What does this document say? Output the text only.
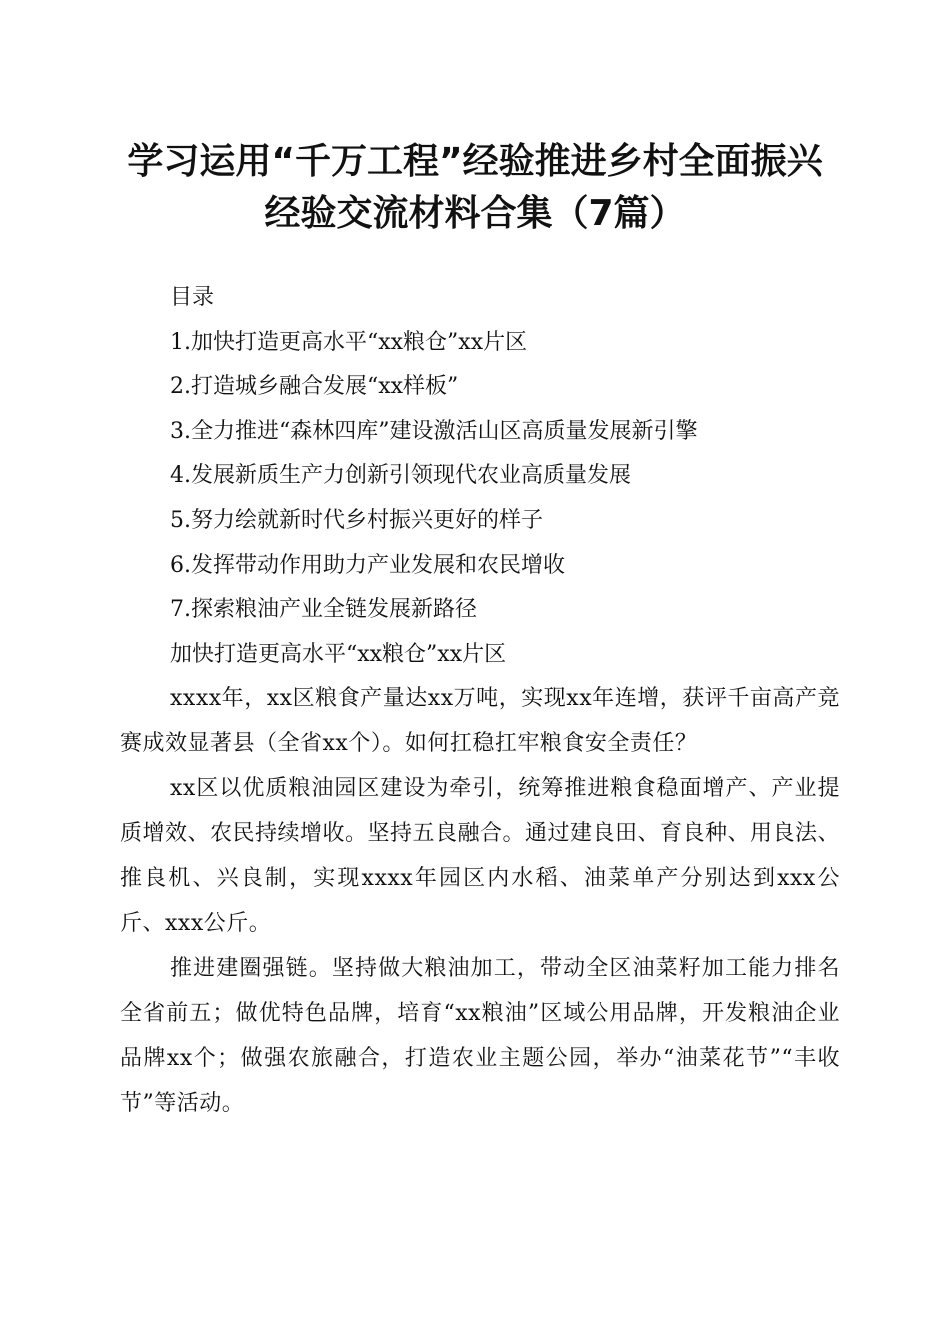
学习运用“千万工程”经验推进乡村全面振兴
经验交流材料合集（7篇）
目录
1.加快打造更高水平“xx粮仓”xx片区
2.打造城乡融合发展“xx样板”
3.全力推进“森林四库”建设激活山区高质量发展新引擎
4.发展新质生产力创新引领现代农业高质量发展
5.努力绘就新时代乡村振兴更好的样子
6.发挥带动作用助力产业发展和农民增收
7.探索粮油产业全链发展新路径
加快打造更高水平“xx粮仓”xx片区

xxxx年，xx区粮食产量达xx万吨，实现xx年连增，获评千亩高产竞赛成效显著县（全省xx个）。如何扛稳扛牢粮食安全责任？

xx区以优质粮油园区建设为牵引，统筹推进粮食稳面增产、产业提质增效、农民持续增收。坚持五良融合。通过建良田、育良种、用良法、推良机、兴良制，实现xxxx年园区内水稻、油菜单产分别达到xxx公斤、xxx公斤。

推进建圈强链。坚持做大粮油加工，带动全区油菜籽加工能力排名全省前五；做优特色品牌，培育“xx粮油”区域公用品牌，开发粮油企业品牌xx个；做强农旅融合，打造农业主题公园，举办“油菜花节”“丰收节”等活动。
